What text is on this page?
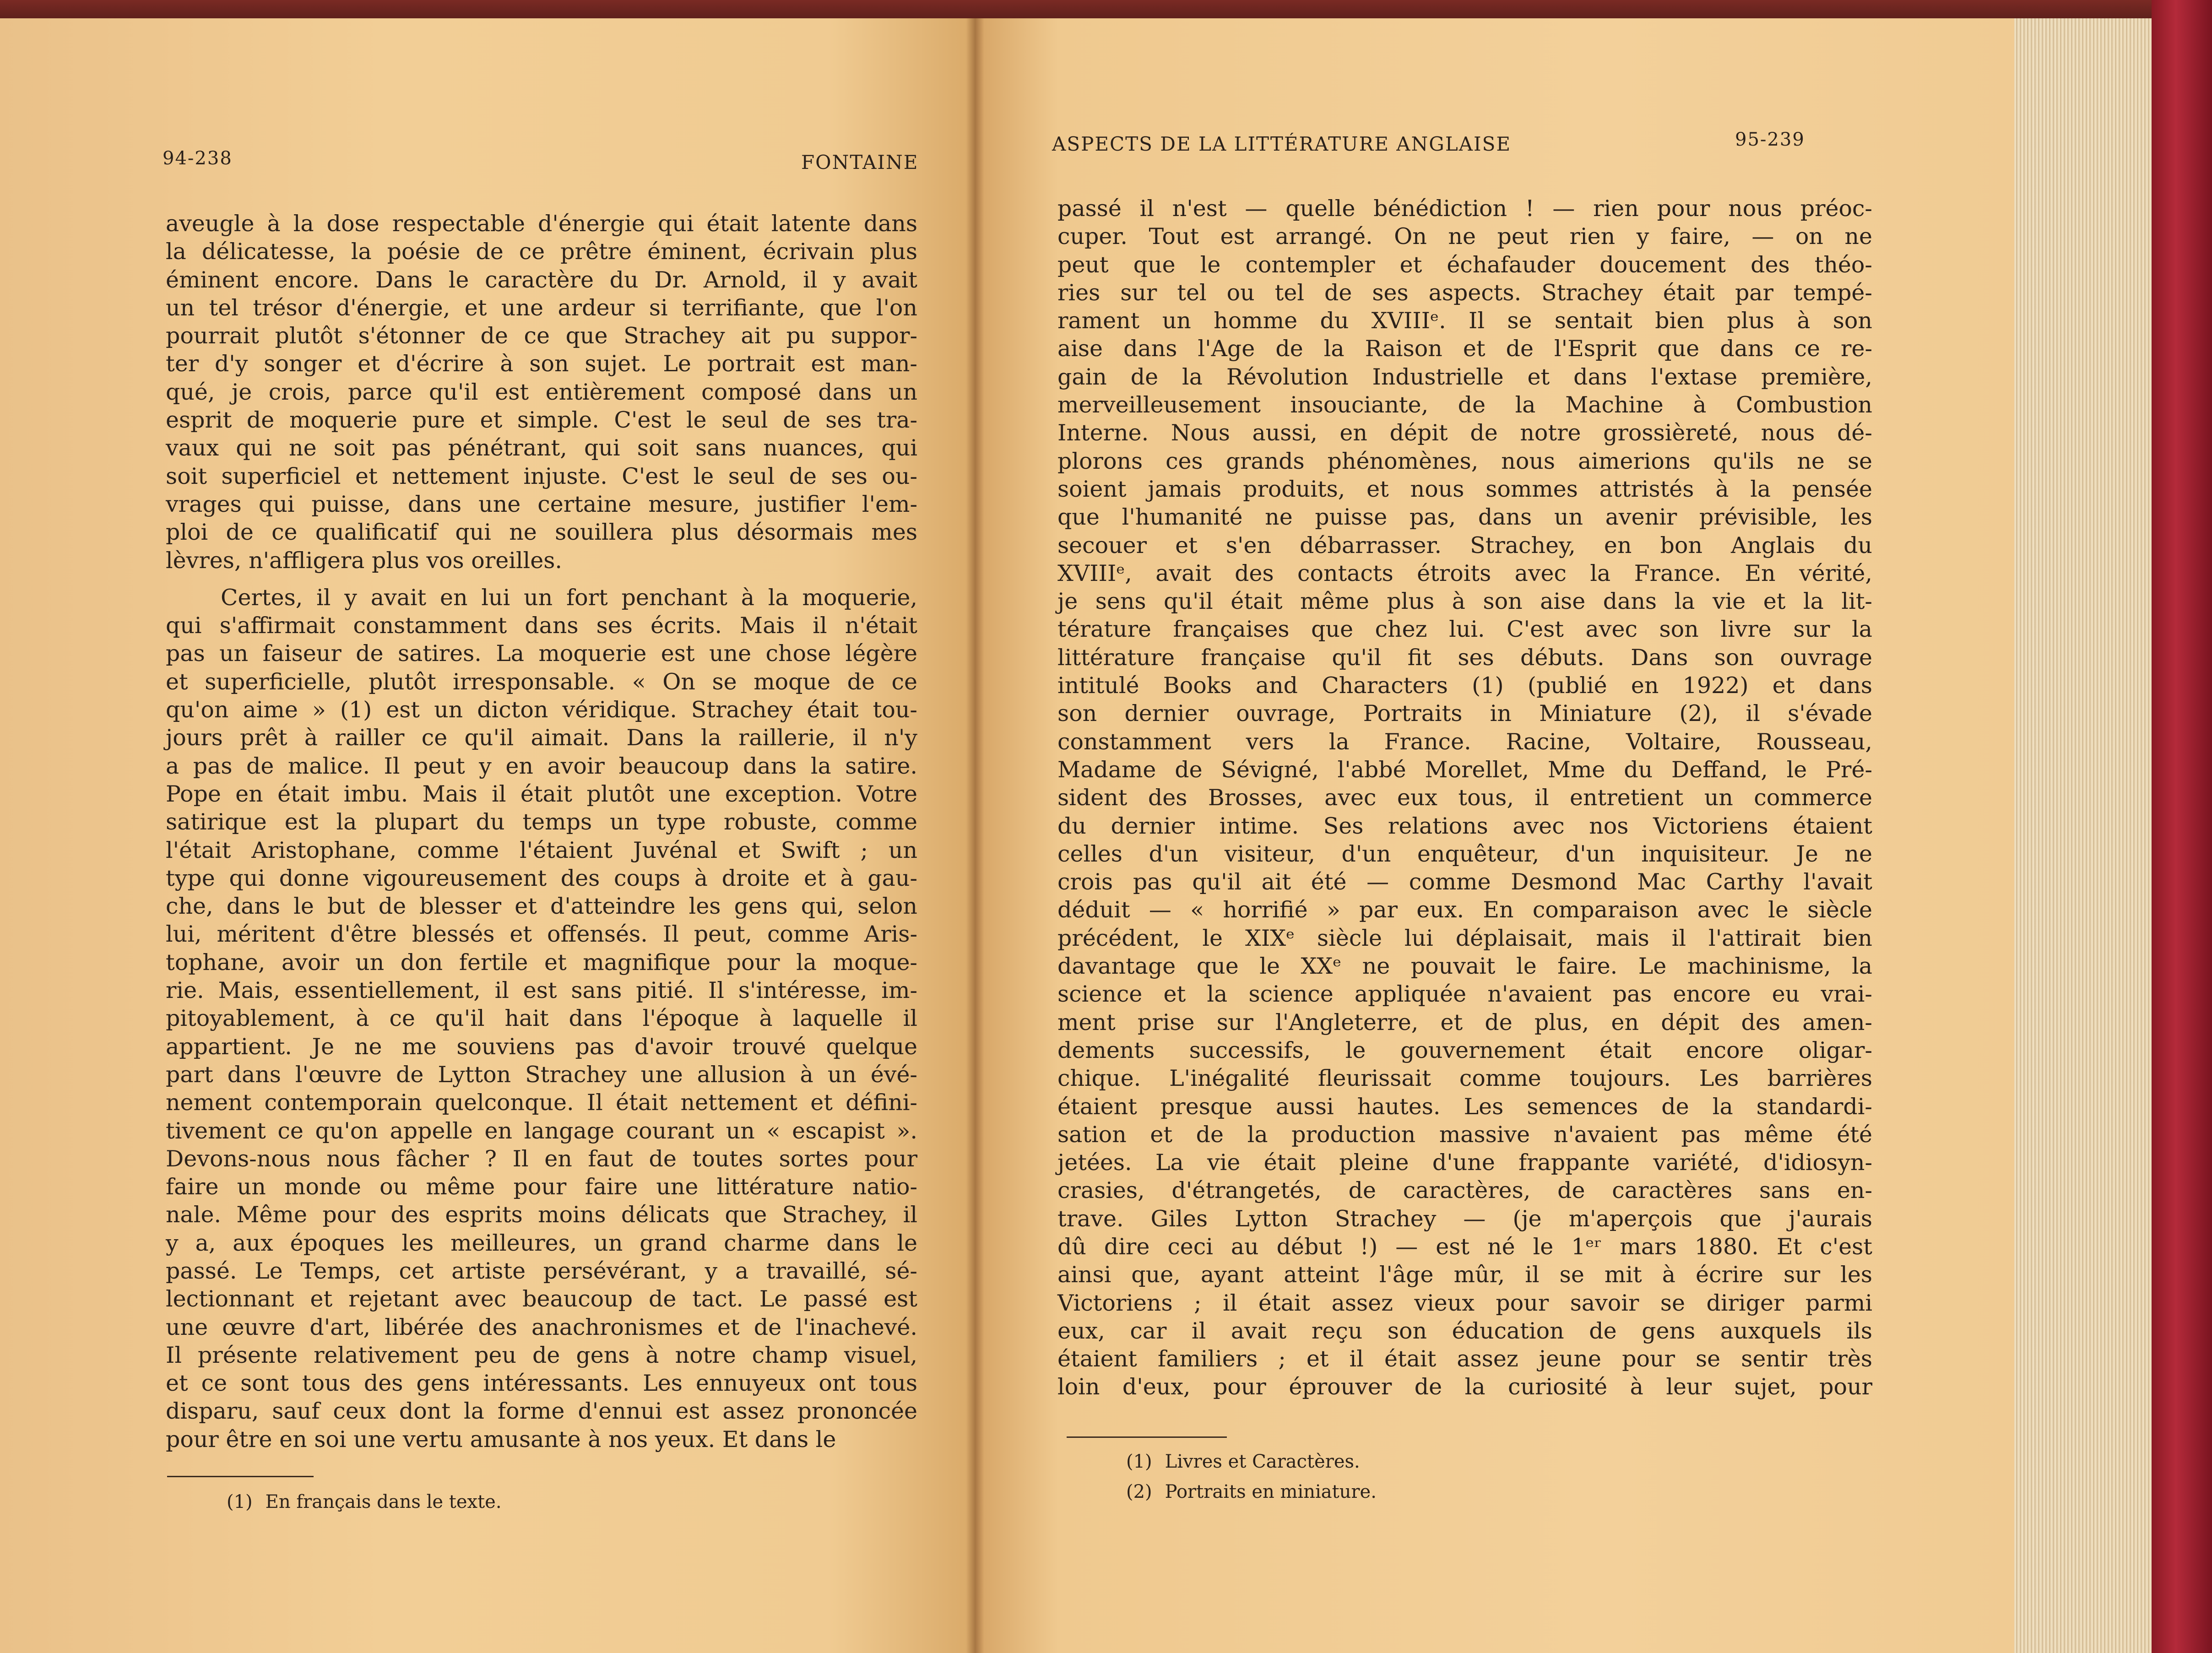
94-238	FONTAINE

aveugle à la dose respectable d'énergie qui était latente dans
la délicatesse, la poésie de ce prêtre éminent, écrivain plus
éminent encore. Dans le caractère du Dr. Arnold, il y avait
un tel trésor d'énergie, et une ardeur si terrifiante, que l'on
pourrait plutôt s'étonner de ce que Strachey ait pu suppor-
ter d'y songer et d'écrire à son sujet. Le portrait est man-
qué, je crois, parce qu'il est entièrement composé dans un
esprit de moquerie pure et simple. C'est le seul de ses tra-
vaux qui ne soit pas pénétrant, qui soit sans nuances, qui
soit superficiel et nettement injuste. C'est le seul de ses ou-
vrages qui puisse, dans une certaine mesure, justifier l'em-
ploi de ce qualificatif qui ne souillera plus désormais mes
lèvres, n'affligera plus vos oreilles.
Certes, il y avait en lui un fort penchant à la moquerie,
qui s'affirmait constamment dans ses écrits. Mais il n'était
pas un faiseur de satires. La moquerie est une chose légère
et superficielle, plutôt irresponsable. « On se moque de ce
qu'on aime » (1) est un dicton véridique. Strachey était tou-
jours prêt à railler ce qu'il aimait. Dans la raillerie, il n'y
a pas de malice. Il peut y en avoir beaucoup dans la satire.
Pope en était imbu. Mais il était plutôt une exception. Votre
satirique est la plupart du temps un type robuste, comme
l'était Aristophane, comme l'étaient Juvénal et Swift ; un
type qui donne vigoureusement des coups à droite et à gau-
che, dans le but de blesser et d'atteindre les gens qui, selon
lui, méritent d'être blessés et offensés. Il peut, comme Aris-
tophane, avoir un don fertile et magnifique pour la moque-
rie. Mais, essentiellement, il est sans pitié. Il s'intéresse, im-
pitoyablement, à ce qu'il hait dans l'époque à laquelle il
appartient. Je ne me souviens pas d'avoir trouvé quelque
part dans l'œuvre de Lytton Strachey une allusion à un évé-
nement contemporain quelconque. Il était nettement et défini-
tivement ce qu'on appelle en langage courant un « escapist ».
Devons-nous nous fâcher ? Il en faut de toutes sortes pour
faire un monde ou même pour faire une littérature natio-
nale. Même pour des esprits moins délicats que Strachey, il
y a, aux époques les meilleures, un grand charme dans le
passé. Le Temps, cet artiste persévérant, y a travaillé, sé-
lectionnant et rejetant avec beaucoup de tact. Le passé est
une œuvre d'art, libérée des anachronismes et de l'inachevé.
Il présente relativement peu de gens à notre champ visuel,
et ce sont tous des gens intéressants. Les ennuyeux ont tous
disparu, sauf ceux dont la forme d'ennui est assez prononcée
pour être en soi une vertu amusante à nos yeux. Et dans le
(1) En français dans le texte.

ASPECTS DE LA LITTÉRATURE ANGLAISE	95-239

passé il n'est — quelle bénédiction ! — rien pour nous préoc-
cuper. Tout est arrangé. On ne peut rien y faire, — on ne
peut que le contempler et échafauder doucement des théo-
ries sur tel ou tel de ses aspects. Strachey était par tempé-
rament un homme du XVIIIᵉ. Il se sentait bien plus à son
aise dans l'Age de la Raison et de l'Esprit que dans ce re-
gain de la Révolution Industrielle et dans l'extase première,
merveilleusement insouciante, de la Machine à Combustion
Interne. Nous aussi, en dépit de notre grossièreté, nous dé-
plorons ces grands phénomènes, nous aimerions qu'ils ne se
soient jamais produits, et nous sommes attristés à la pensée
que l'humanité ne puisse pas, dans un avenir prévisible, les
secouer et s'en débarrasser. Strachey, en bon Anglais du
XVIIIᵉ, avait des contacts étroits avec la France. En vérité,
je sens qu'il était même plus à son aise dans la vie et la lit-
térature françaises que chez lui. C'est avec son livre sur la
littérature française qu'il fit ses débuts. Dans son ouvrage
intitulé Books and Characters (1) (publié en 1922) et dans
son dernier ouvrage, Portraits in Miniature (2), il s'évade
constamment vers la France. Racine, Voltaire, Rousseau,
Madame de Sévigné, l'abbé Morellet, Mme du Deffand, le Pré-
sident des Brosses, avec eux tous, il entretient un commerce
du dernier intime. Ses relations avec nos Victoriens étaient
celles d'un visiteur, d'un enquêteur, d'un inquisiteur. Je ne
crois pas qu'il ait été — comme Desmond Mac Carthy l'avait
déduit — « horrifié » par eux. En comparaison avec le siècle
précédent, le XIXᵉ siècle lui déplaisait, mais il l'attirait bien
davantage que le XXᵉ ne pouvait le faire. Le machinisme, la
science et la science appliquée n'avaient pas encore eu vrai-
ment prise sur l'Angleterre, et de plus, en dépit des amen-
dements successifs, le gouvernement était encore oligar-
chique. L'inégalité fleurissait comme toujours. Les barrières
étaient presque aussi hautes. Les semences de la standardi-
sation et de la production massive n'avaient pas même été
jetées. La vie était pleine d'une frappante variété, d'idiosyn-
crasies, d'étrangetés, de caractères, de caractères sans en-
trave. Giles Lytton Strachey — (je m'aperçois que j'aurais
dû dire ceci au début !) — est né le 1ᵉʳ mars 1880. Et c'est
ainsi que, ayant atteint l'âge mûr, il se mit à écrire sur les
Victoriens ; il était assez vieux pour savoir se diriger parmi
eux, car il avait reçu son éducation de gens auxquels ils
étaient familiers ; et il était assez jeune pour se sentir très
loin d'eux, pour éprouver de la curiosité à leur sujet, pour
(1) Livres et Caractères.
(2) Portraits en miniature.
